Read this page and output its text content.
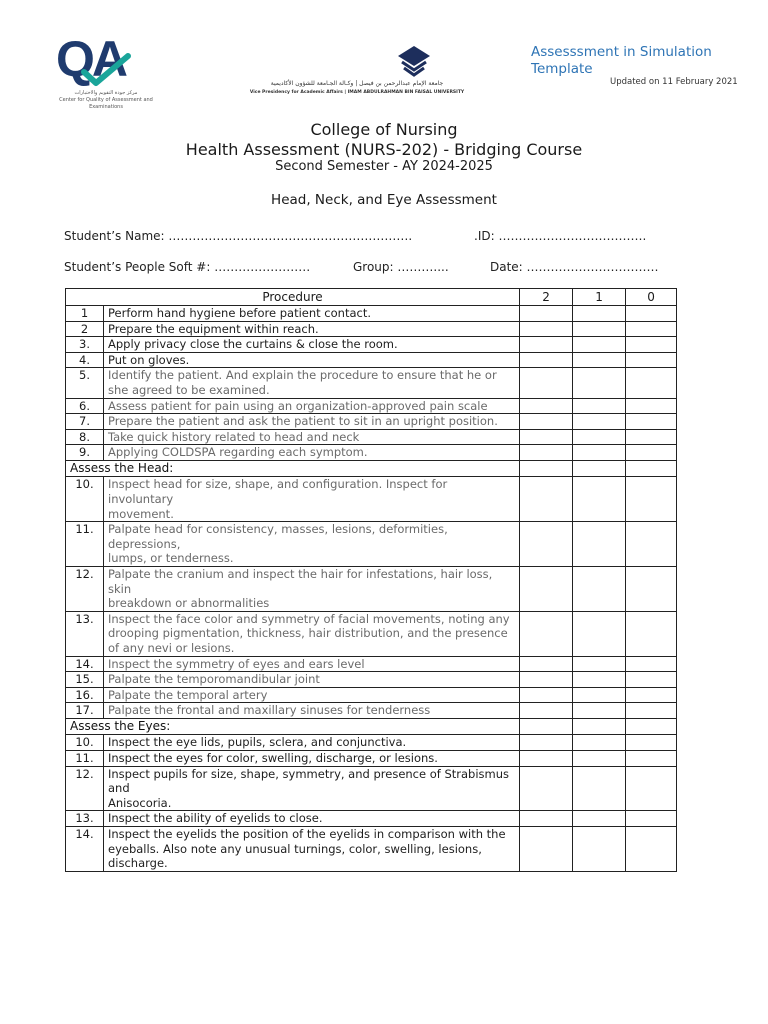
QA
مركز جودة التقويم والاختبارات
Center for Quality of Assessment and Examinations
جامعة الإمام عبدالرحمن بن فيصل | وكـالة الجـامعة للشؤون الأكاديمية
Vice Presidency for Academic Affairs | IMAM ABDULRAHMAN BIN FAISAL UNIVERSITY
Assesssment in Simulation
Template
Updated on 11 February 2021
College of Nursing
Health Assessment (NURS-202) - Bridging Course
Second Semester - AY 2024-2025
Head, Neck, and Eye Assessment
Student’s Name: …………………………………………………….	.ID: ……………………………….
Student’s People Soft #: ……………………	Group: ………....	Date: ……………………………
Procedure		2	1	0
1	Perform hand hygiene before patient contact.			
2	Prepare the equipment within reach.			
3.	Apply privacy close the curtains & close the room.			
4.	Put on gloves.			
5.	Identify the patient. And explain the procedure to ensure that he or she agreed to be examined.			
6.	Assess patient for pain using an organization-approved pain scale			
7.	Prepare the patient and ask the patient to sit in an upright position.			
8.	Take quick history related to head and neck			
9.	Applying COLDSPA regarding each symptom.			
Assess the Head:				
10.	Inspect head for size, shape, and configuration. Inspect for involuntary
movement.			
11.	Palpate head for consistency, masses, lesions, deformities, depressions,
lumps, or tenderness.			
12.	Palpate the cranium and inspect the hair for infestations, hair loss, skin
breakdown or abnormalities			
13.	Inspect the face color and symmetry of facial movements, noting any drooping pigmentation, thickness, hair distribution, and the presence of any nevi or lesions.			
14.	Inspect the symmetry of eyes and ears level			
15.	Palpate the temporomandibular joint			
16.	Palpate the temporal artery			
17.	Palpate the frontal and maxillary sinuses for tenderness			
Assess the Eyes:				
10.	Inspect the eye lids, pupils, sclera, and conjunctiva.			
11.	Inspect the eyes for color, swelling, discharge, or lesions.			
12.	Inspect pupils for size, shape, symmetry, and presence of Strabismus and
Anisocoria.			
13.	Inspect the ability of eyelids to close.			
14.	Inspect the eyelids the position of the eyelids in comparison with the
eyeballs. Also note any unusual turnings, color, swelling, lesions, discharge.			
